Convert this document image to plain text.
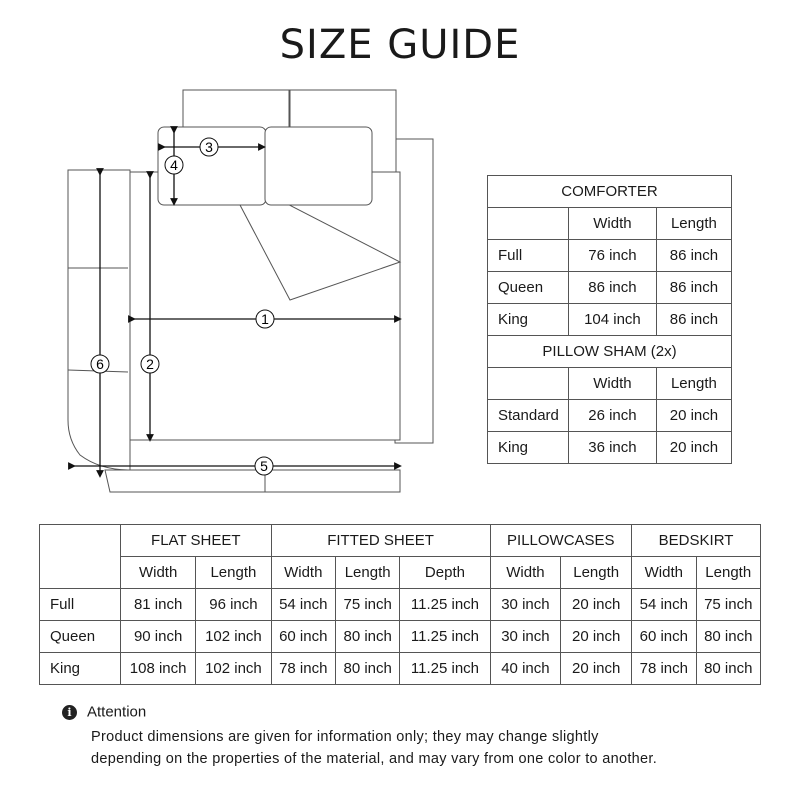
SIZE GUIDE
1
2
3
4
5
6
COMFORTER		
	Width	Length
Full	76 inch	86 inch
Queen	86 inch	86 inch
King	104 inch	86 inch
PILLOW SHAM (2x)		
	Width	Length
Standard	26 inch	20 inch
King	36 inch	20 inch
	FLAT SHEET		FITTED SHEET			PILLOWCASES		BEDSKIRT	
	Width	Length	Width	Length	Depth	Width	Length	Width	Length
Full	81 inch	96 inch	54 inch	75 inch	11.25 inch	30 inch	20 inch	54 inch	75 inch
Queen	90 inch	102 inch	60 inch	80 inch	11.25 inch	30 inch	20 inch	60 inch	80 inch
King	108 inch	102 inch	78 inch	80 inch	11.25 inch	40 inch	20 inch	78 inch	80 inch
i Attention
Product dimensions are given for information only; they may change slightly
depending on the properties of the material, and may vary from one color to another.
